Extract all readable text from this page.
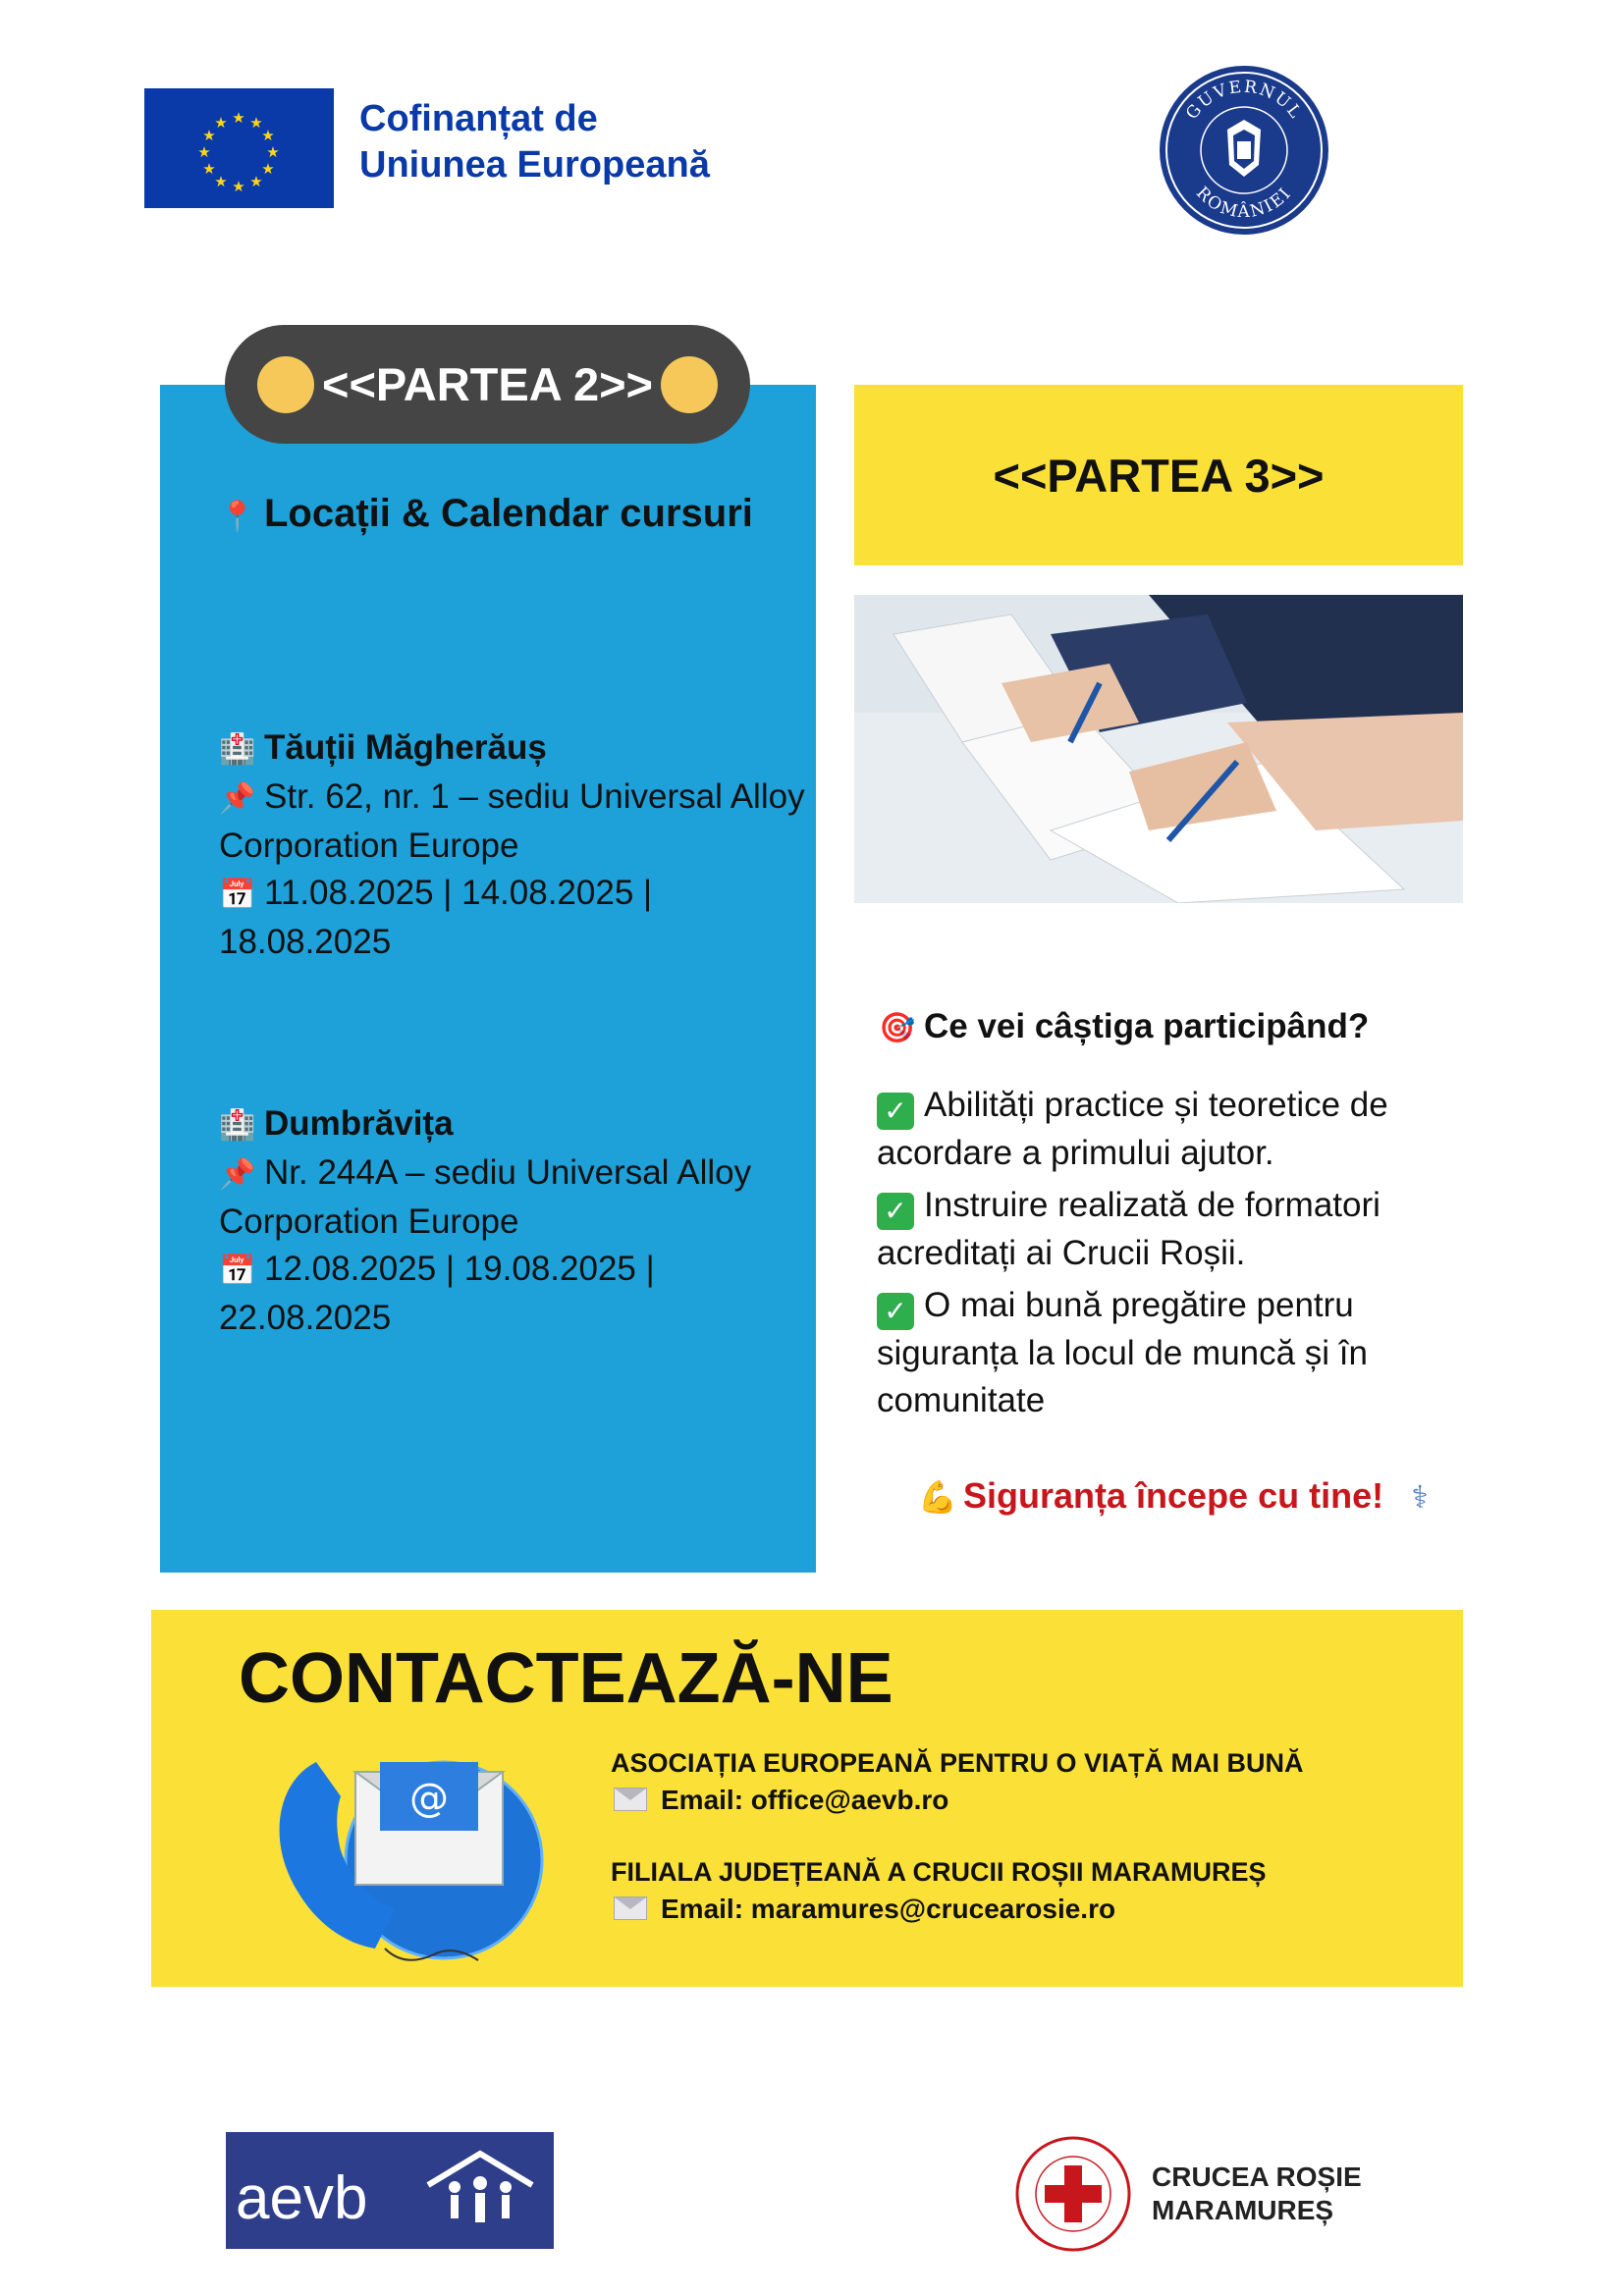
★ ★
★
★
★
★
★
★
★
★
★
★	Cofinanțat de
Uniunea Europeană
GUVERNUL
ROMÂNIEI
<<PARTEA 2>>
📍 Locații & Calendar cursuri
🏥 Tăuții Măgherăuș
📌 Str. 62, nr. 1 – sediu Universal Alloy Corporation Europe
📅 11.08.2025 | 14.08.2025 | 18.08.2025
🏥 Dumbrăvița
📌 Nr. 244A – sediu Universal Alloy Corporation Europe
📅 12.08.2025 | 19.08.2025 | 22.08.2025
<<PARTEA 3>>
🎯 Ce vei câștiga participând?
✓ Abilități practice și teoretice de acordare a primului ajutor.
✓ Instruire realizată de formatori acreditați ai Crucii Roșii.
✓ O mai bună pregătire pentru siguranța la locul de muncă și în comunitate
💪 Siguranța începe cu tine! ⚕
CONTACTEAZĂ-NE
@
ASOCIAȚIA EUROPEANĂ PENTRU O VIAȚĂ MAI BUNĂ
Email: office@aevb.ro
FILIALA JUDEȚEANĂ A CRUCII ROȘII MARAMUREȘ
Email: maramures@crucearosie.ro
aevb	CRUCEA ROȘIE
MARAMUREȘ
